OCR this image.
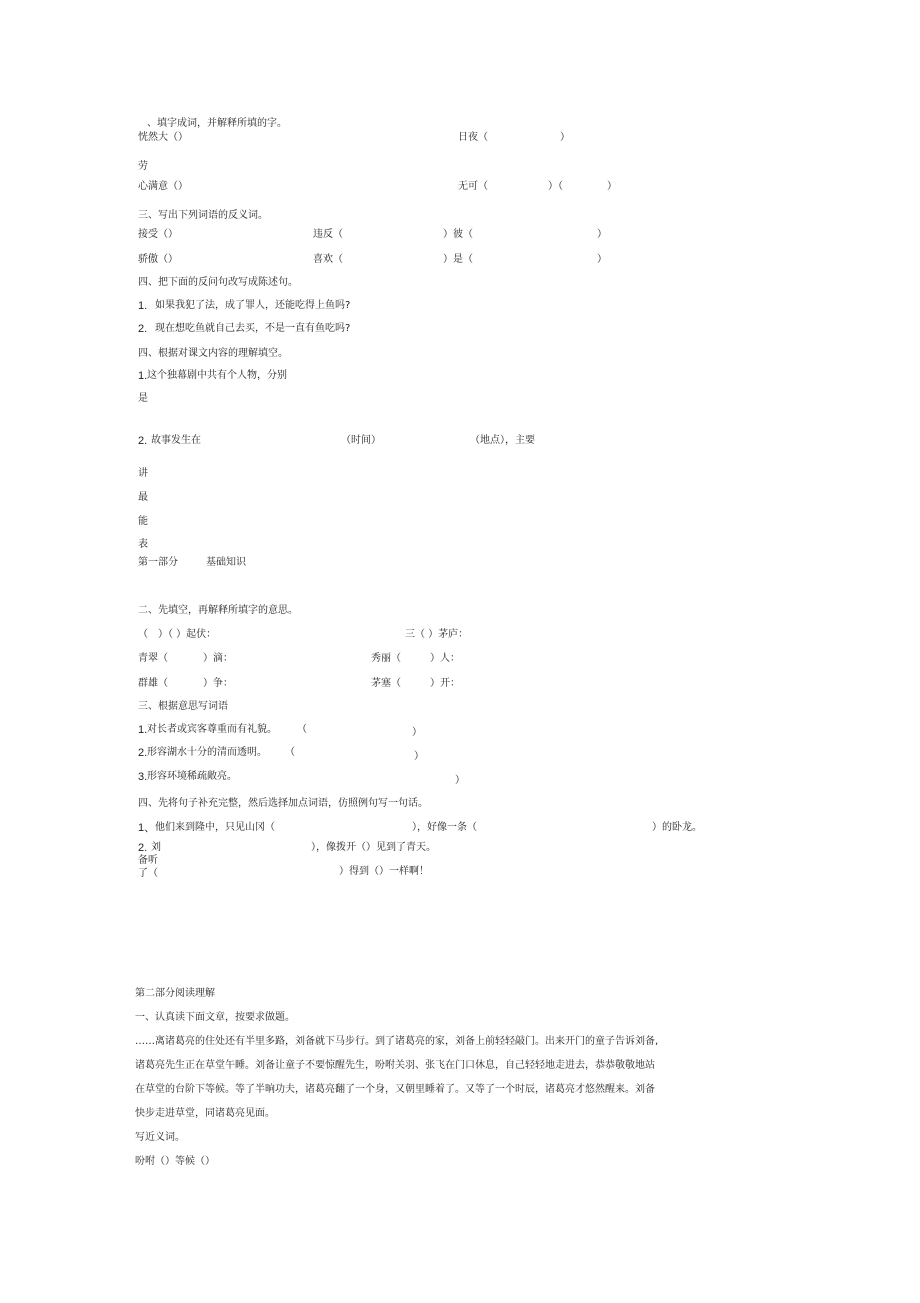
、填字成词，并解释所填的字。
恍然大（）	日夜（	）
劳
心满意（）	无可（	）（	）
三、写出下列词语的反义词。
接受（）	违反（	）彼（	）
骄傲（）	喜欢（	）是（	）
四、把下面的反问句改写成陈述句。
1. 如果我犯了法，成了罪人，还能吃得上鱼吗?
2. 现在想吃鱼就自己去买，不是一直有鱼吃吗?
四、根据对课文内容的理解填空。
1. 这个独幕剧中共有个人物，分别
是
2. 故事发生在	（时间）	（地点），主要
讲
最
能
表
第一部分	基础知识
二、先填空，再解释所填字的意思。
（　）（ ）起伏：	三（ ）茅庐：
青翠（	）滴：	秀丽（	）人：
群雄（	）争：	茅塞（	）开：
三、根据意思写词语
1. 对长者或宾客尊重而有礼貌。 （	）
2. 形容湖水十分的清而透明。 （	）
3. 形容环境稀疏敞亮。	）
四、先将句子补充完整，然后选择加点词语，仿照例句写一句话。
1、 他们来到隆中，只见山冈（	），好像一条（	）的卧龙。
2. 刘	），像拨开（）见到了青天。
备听
了（	）得到（）一样啊！
第二部分阅读理解
一、认真读下面文章，按要求做题。
……离诸葛亮的住处还有半里多路，刘备就下马步行。到了诸葛亮的家，刘备上前轻轻敲门。出来开门的童子告诉刘备,
诸葛亮先生正在草堂午睡。刘备让童子不要惊醒先生，吩咐关羽、张飞在门口休息，自己轻轻地走进去，恭恭敬敬地站
在草堂的台阶下等候。等了半晌功夫，诸葛亮翻了一个身，又朝里睡着了。又等了一个时辰，诸葛亮才悠然醒来。刘备
快步走进草堂，同诸葛亮见面。
写近义词。
吩咐（）等候（）
